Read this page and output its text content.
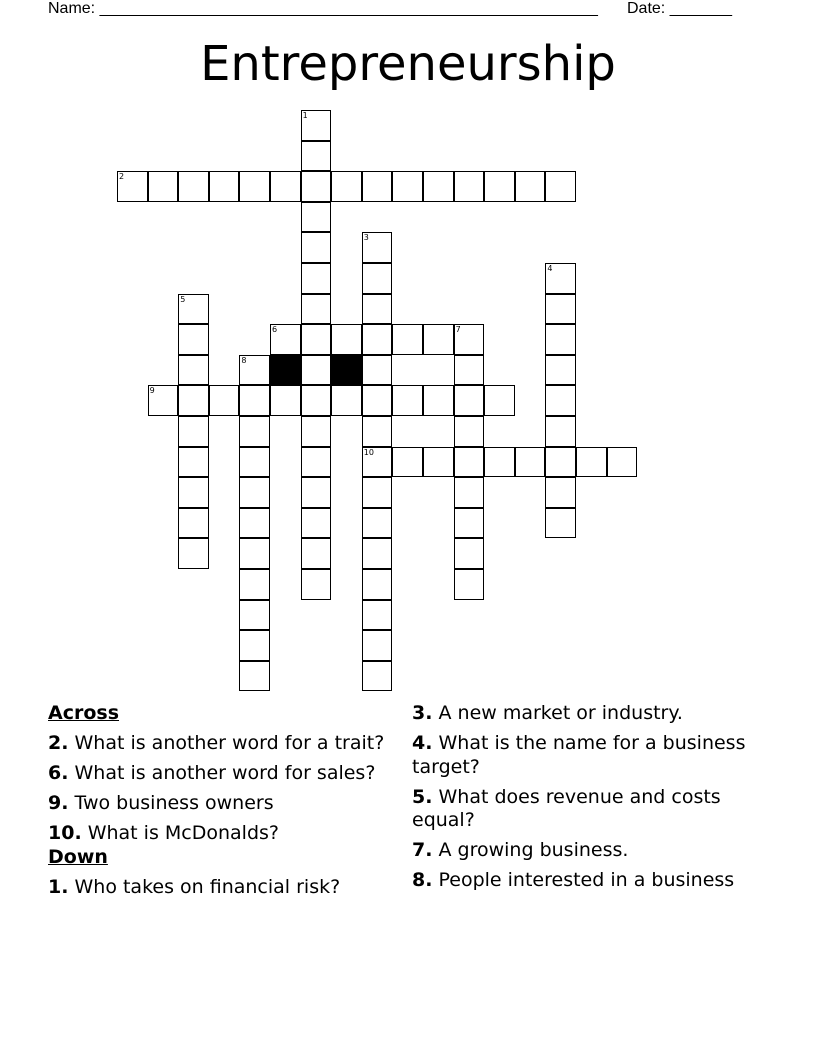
Name: ________________________________________________________ Date: _______
Entrepreneurship
1
2
3
10
4
5
6	7
8
9
Across
2. What is another word for a trait?
6. What is another word for sales?
9. Two business owners
10. What is McDonalds?
Down
1. Who takes on financial risk?
3. A new market or industry.
4. What is the name for a business target?
5. What does revenue and costs equal?
7. A growing business.
8. People interested in a business
